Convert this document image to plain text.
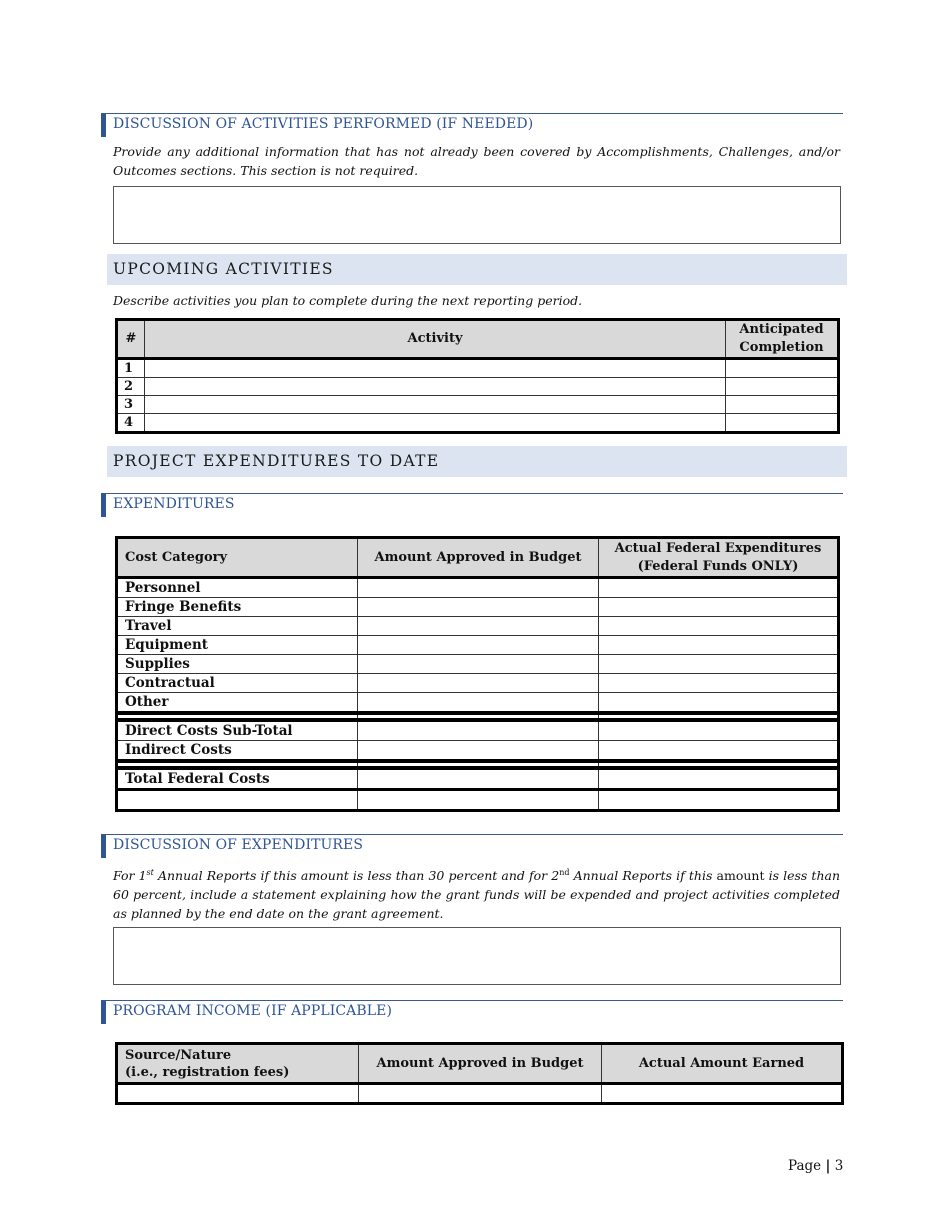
DISCUSSION OF ACTIVITIES PERFORMED (IF NEEDED)
Provide any additional information that has not already been covered by Accomplishments, Challenges, and/or Outcomes sections. This section is not required.
UPCOMING ACTIVITIES
Describe activities you plan to complete during the next reporting period.
#	Activity	Anticipated
Completion

1		
2		
3		
4		
PROJECT EXPENDITURES TO DATE
EXPENDITURES
Cost Category	Amount Approved in Budget	Actual Federal Expenditures
(Federal Funds ONLY)

Personnel		
Fringe Benefits		
Travel		
Equipment		
Supplies		
Contractual		
Other		

Direct Costs Sub-Total		
Indirect Costs		

Total Federal Costs		

DISCUSSION OF EXPENDITURES
For 1st Annual Reports if this amount is less than 30 percent and for 2nd Annual Reports if this amount is less than 60 percent, include a statement explaining how the grant funds will be expended and project activities completed as planned by the end date on the grant agreement.
PROGRAM INCOME (IF APPLICABLE)
Source/Nature
(i.e., registration fees)	Amount Approved in Budget	Actual Amount Earned

Page | 3
